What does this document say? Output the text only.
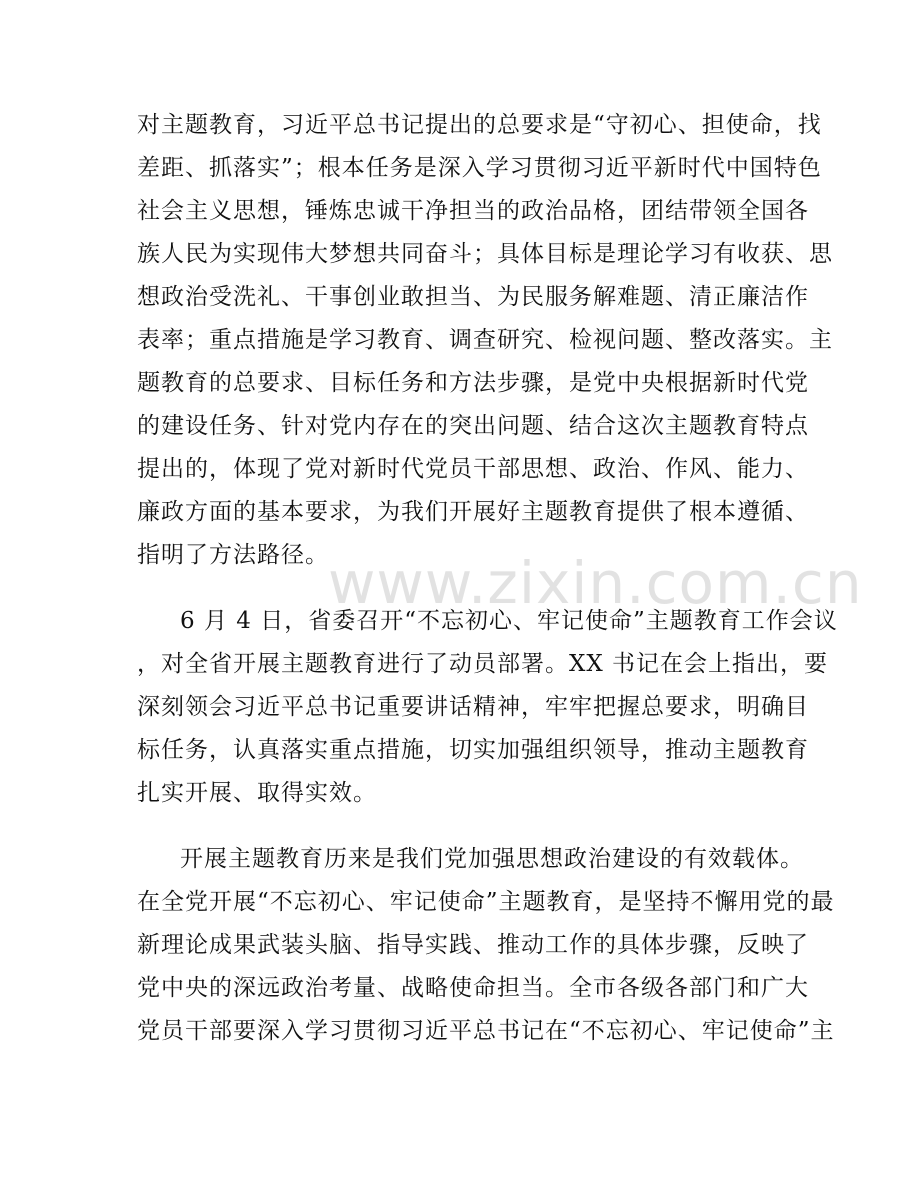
对主题教育，习近平总书记提出的总要求是“守初心、担使命，找
差距、抓落实”；根本任务是深入学习贯彻习近平新时代中国特色
社会主义思想，锤炼忠诚干净担当的政治品格，团结带领全国各
族人民为实现伟大梦想共同奋斗；具体目标是理论学习有收获、思
想政治受洗礼、干事创业敢担当、为民服务解难题、清正廉洁作
表率；重点措施是学习教育、调查研究、检视问题、整改落实。主
题教育的总要求、目标任务和方法步骤，是党中央根据新时代党
的建设任务、针对党内存在的突出问题、结合这次主题教育特点
提出的，体现了党对新时代党员干部思想、政治、作风、能力、
廉政方面的基本要求，为我们开展好主题教育提供了根本遵循、
指明了方法路径。
6 月 4 日，省委召开“不忘初心、牢记使命”主题教育工作会议
，对全省开展主题教育进行了动员部署。XX 书记在会上指出，要
深刻领会习近平总书记重要讲话精神，牢牢把握总要求，明确目
标任务，认真落实重点措施，切实加强组织领导，推动主题教育
扎实开展、取得实效。
开展主题教育历来是我们党加强思想政治建设的有效载体。
在全党开展“不忘初心、牢记使命”主题教育，是坚持不懈用党的最
新理论成果武装头脑、指导实践、推动工作的具体步骤，反映了
党中央的深远政治考量、战略使命担当。全市各级各部门和广大
党员干部要深入学习贯彻习近平总书记在“不忘初心、牢记使命”主
www.zixin.com.cn
